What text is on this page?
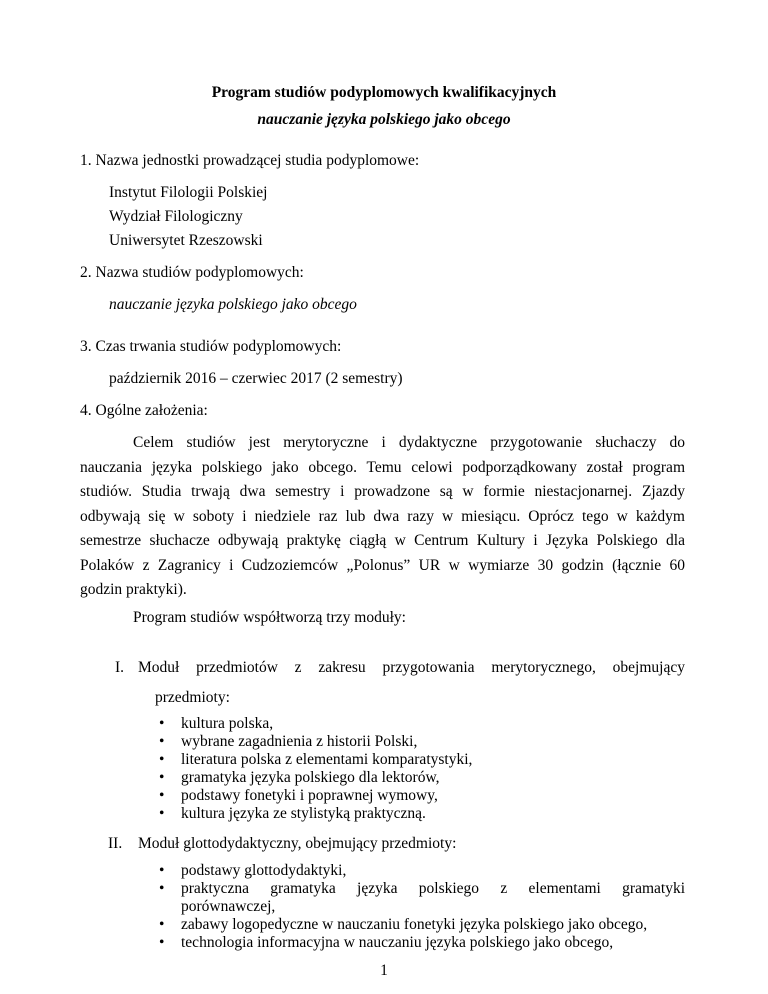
Program studiów podyplomowych kwalifikacyjnych
nauczanie języka polskiego jako obcego
1. Nazwa jednostki prowadzącej studia podyplomowe:
Instytut Filologii Polskiej
Wydział Filologiczny
Uniwersytet Rzeszowski
2. Nazwa studiów podyplomowych:
nauczanie języka polskiego jako obcego
3. Czas trwania studiów podyplomowych:
październik 2016 – czerwiec 2017 (2 semestry)
4. Ogólne założenia:
Celem studiów jest merytoryczne i dydaktyczne przygotowanie słuchaczy do
nauczania języka polskiego jako obcego. Temu celowi podporządkowany został program
studiów. Studia trwają dwa semestry i prowadzone są w formie niestacjonarnej. Zjazdy
odbywają się w soboty i niedziele raz lub dwa razy w miesiącu. Oprócz tego w każdym
semestrze słuchacze odbywają praktykę ciągłą w Centrum Kultury i Języka Polskiego dla
Polaków z Zagranicy i Cudzoziemców „Polonus” UR w wymiarze 30 godzin (łącznie 60
godzin praktyki).
Program studiów współtworzą trzy moduły:
I. Moduł przedmiotów z zakresu przygotowania merytorycznego, obejmujący
przedmioty:
• kultura polska,
• wybrane zagadnienia z historii Polski,
• literatura polska z elementami komparatystyki,
• gramatyka języka polskiego dla lektorów,
• podstawy fonetyki i poprawnej wymowy,
• kultura języka ze stylistyką praktyczną.
II. Moduł glottodydaktyczny, obejmujący przedmioty:
• podstawy glottodydaktyki,
• praktyczna gramatyka języka polskiego z elementami gramatyki
porównawczej,
• zabawy logopedyczne w nauczaniu fonetyki języka polskiego jako obcego,
• technologia informacyjna w nauczaniu języka polskiego jako obcego,
1
